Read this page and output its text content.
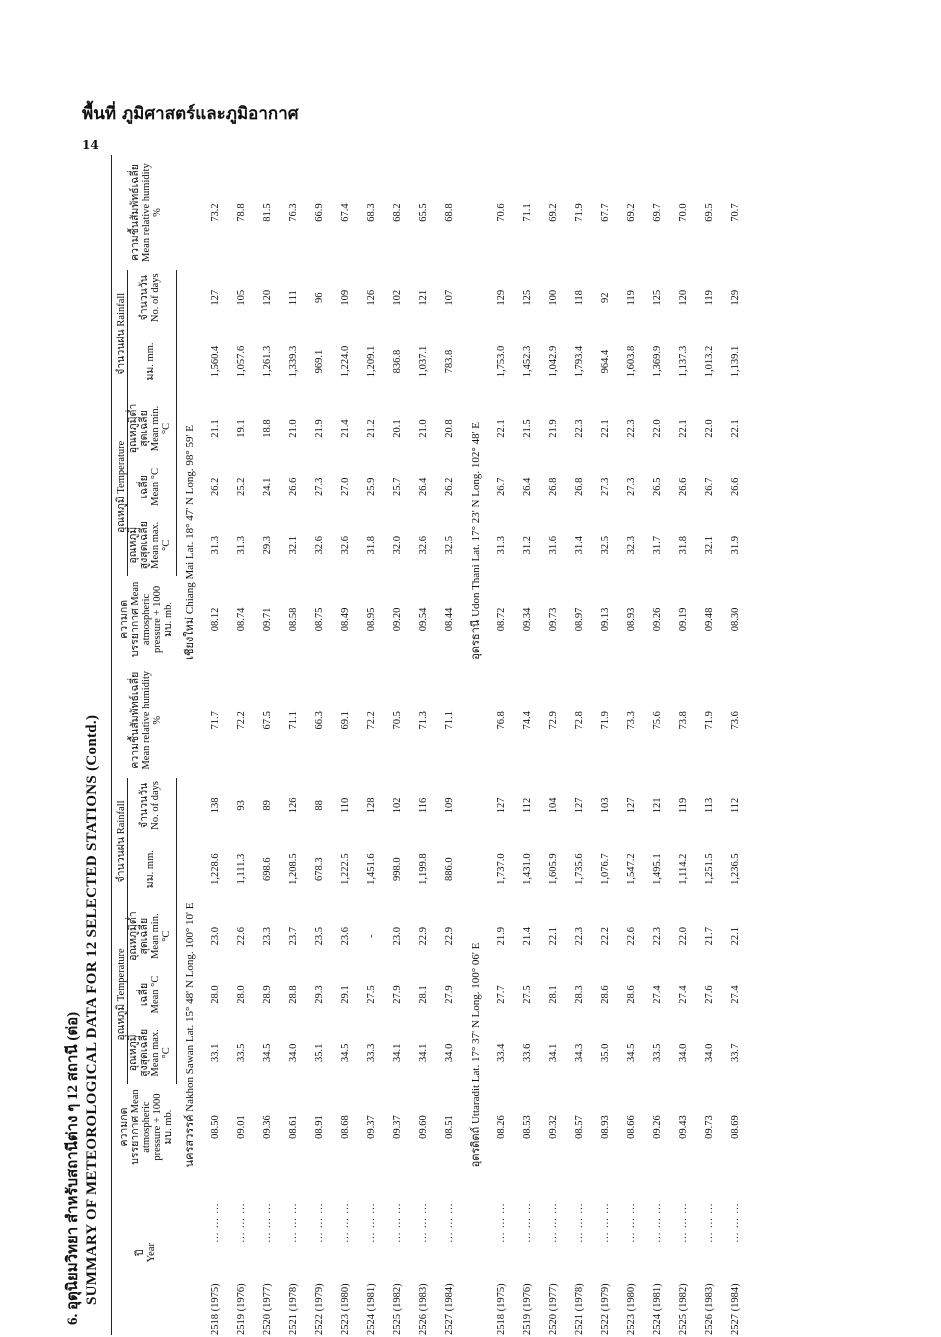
พื้นที่ ภูมิศาสตร์และภูมิอากาศ
14
6. อุตุนิยมวิทยา สำหรับสถานีต่าง ๆ 12 สถานี (ต่อ) SUMMARY OF METEOROLOGICAL DATA FOR 12 SELECTED STATIONS (Contd.)	ปี Year		ความกดบรรยากาศ Mean atmospheric pressure + 1000 มบ. mb.	อุณหภูมิ Temperature			จำนวนฝน Rainfall		ความชื้นสัมพัทธ์เฉลี่ย Mean relative humidity %	ความกดบรรยากาศ Mean atmospheric pressure + 1000 มบ. mb.	อุณหภูมิ Temperature			จำนวนฝน Rainfall		ความชื้นสัมพัทธ์เฉลี่ย Mean relative humidity %
			อุณหภูมิสูงสุดเฉลี่ย Mean max. °C	เฉลี่ย Mean °C	อุณหภูมิต่ำสุดเฉลี่ย Mean min. °C	มม. mm.	จำนวนวัน No. of days			อุณหภูมิสูงสุดเฉลี่ย Mean max. °C	เฉลี่ย Mean °C	อุณหภูมิต่ำสุดเฉลี่ย Mean min. °C	มม. mm.	จำนวนวัน No. of days	
		นครสวรรค์ Nakhon Sawan Lat. 15° 48' N Long. 100° 10' E							เชียงใหม่ Chiang Mai Lat. 18° 47' N Long. 98° 59' E						
2518 (1975)	... ... ...	08.50	33.1	28.0	23.0	1,228.6	138	71.7	08.12	31.3	26.2	21.1	1,560.4	127	73.2
2519 (1976)	... ... ...	09.01	33.5	28.0	22.6	1,111.3	93	72.2	08.74	31.3	25.2	19.1	1,057.6	105	78.8
2520 (1977)	... ... ...	09.36	34.5	28.9	23.3	698.6	89	67.5	09.71	29.3	24.1	18.8	1,261.3	120	81.5
2521 (1978)	... ... ...	08.61	34.0	28.8	23.7	1,208.5	126	71.1	08.58	32.1	26.6	21.0	1,339.3	111	76.3
2522 (1979)	... ... ...	08.91	35.1	29.3	23.5	678.3	88	66.3	08.75	32.6	27.3	21.9	969.1	96	66.9
2523 (1980)	... ... ...	08.68	34.5	29.1	23.6	1,222.5	110	69.1	08.49	32.6	27.0	21.4	1,224.0	109	67.4
2524 (1981)	... ... ...	09.37	33.3	27.5	-	1,451.6	128	72.2	08.95	31.8	25.9	21.2	1,209.1	126	68.3
2525 (1982)	... ... ...	09.37	34.1	27.9	23.0	998.0	102	70.5	09.20	32.0	25.7	20.1	836.8	102	68.2
2526 (1983)	... ... ...	09.60	34.1	28.1	22.9	1,199.8	116	71.3	09.54	32.6	26.4	21.0	1,037.1	121	65.5
2527 (1984)	... ... ...	08.51	34.0	27.9	22.9	886.0	109	71.1	08.44	32.5	26.2	20.8	783.8	107	68.8
		อุตรดิตถ์ Uttaradit Lat. 17° 37' N Long. 100° 06' E							อุดรธานี Udon Thani Lat. 17° 23' N Long. 102° 48' E						
2518 (1975)	... ... ...	08.26	33.4	27.7	21.9	1,737.0	127	76.8	08.72	31.3	26.7	22.1	1,753.0	129	70.6
2519 (1976)	... ... ...	08.53	33.6	27.5	21.4	1,431.0	112	74.4	09.34	31.2	26.4	21.5	1,452.3	125	71.1
2520 (1977)	... ... ...	09.32	34.1	28.1	22.1	1,605.9	104	72.9	09.73	31.6	26.8	21.9	1,042.9	100	69.2
2521 (1978)	... ... ...	08.57	34.3	28.3	22.3	1,735.6	127	72.8	08.97	31.4	26.8	22.3	1,793.4	118	71.9
2522 (1979)	... ... ...	08.93	35.0	28.6	22.2	1,076.7	103	71.9	09.13	32.5	27.3	22.1	964.4	92	67.7
2523 (1980)	... ... ...	08.66	34.5	28.6	22.6	1,547.2	127	73.3	08.93	32.3	27.3	22.3	1,603.8	119	69.2
2524 (1981)	... ... ...	09.26	33.5	27.4	22.3	1,495.1	121	75.6	09.26	31.7	26.5	22.0	1,369.9	125	69.7
2525 (1982)	... ... ...	09.43	34.0	27.4	22.0	1,114.2	119	73.8	09.19	31.8	26.6	22.1	1,137.3	120	70.0
2526 (1983)	... ... ...	09.73	34.0	27.6	21.7	1,251.5	113	71.9	09.48	32.1	26.7	22.0	1,013.2	119	69.5
2527 (1984)	... ... ...	08.69	33.7	27.4	22.1	1,236.5	112	73.6	08.30	31.9	26.6	22.1	1,139.1	129	70.7
